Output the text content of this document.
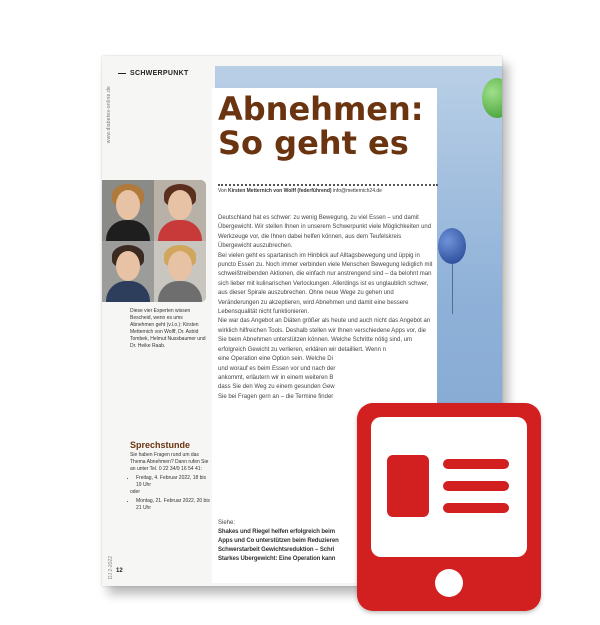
SCHWERPUNKT
www.diabetes-online.de	Abnehmen:
So geht es
Von Kirsten Metternich von Wolff (federführend) info@metternich24.de
Diese vier Experten wissen Bescheid, wenn es ums Abnehmen geht (v.l.o.): Kirsten Metternich von Wolff, Dr. Astrid Tombek, Helmut Nussbaumer und Dr. Heike Raab.

Deutschland hat es schwer: zu wenig Bewegung, zu viel Essen – und damit Übergewicht. Wir stellen Ihnen in unserem Schwerpunkt viele Möglichkeiten und Werkzeuge vor, die Ihnen dabei helfen können, aus dem Teufelskreis Übergewicht auszubrechen.

Bei vielen geht es spartanisch im Hinblick auf Alltagsbewegung und üppig in puncto Essen zu. Noch immer verbinden viele Menschen Bewegung lediglich mit schweißtreibenden Aktionen, die einfach nur anstrengend sind – da belohnt man sich lieber mit kulinarischen Verlockungen. Allerdings ist es unglaublich schwer, aus dieser Spirale auszubrechen. Ohne neue Wege zu gehen und Veränderungen zu akzeptieren, wird Abnehmen und damit eine bessere Lebensqualität nicht funktionieren.

Nie war das Angebot an Diäten größer als heute und auch nicht das Angebot an wirklich hilfreichen Tools. Deshalb stellen wir Ihnen verschiedene Apps vor, die Sie beim Abnehmen unterstützen können. Welche Schritte nötig sind, um erfolgreich Gewicht zu verlieren, erklären wir detailliert. Wenn n

eine Operation eine Option sein. Welche Di

und worauf es beim Essen vor und nach der

ankommt, erläutern wir in einem weiteren B

dass Sie den Weg zu einem gesunden Gew

Sie bei Fragen gern an – die Termine finder

Sprechstunde
Sie haben Fragen rund um das Thema Abnehmen? Dann rufen Sie an unter Tel. 0 22 34/9 16 54 41:
• Freitag, 4. Februar 2022, 18 bis 19 Uhr
oder
• Montag, 21. Februar 2022, 20 bis 21 Uhr
DJ 2-2022 12
Siehe:
Shakes und Riegel helfen erfolgreich beim
Apps und Co unterstützen beim Reduzieren
Schwerstarbeit Gewichtsreduktion – Schri
Starkes Übergewicht: Eine Operation kann
